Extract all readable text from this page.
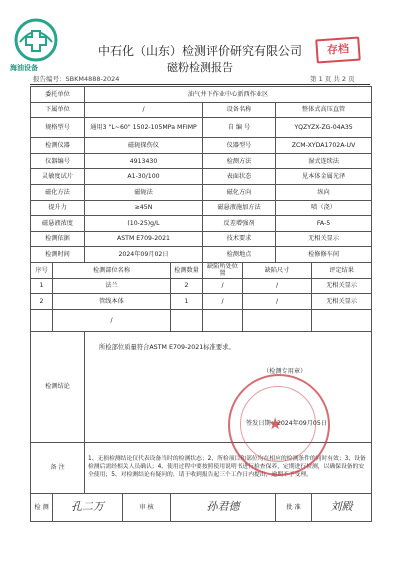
海油设备
中石化（山东）检测评价研究有限公司
磁粉检测报告
存档
报告编号：SBKM4888-2024	第 1 页 共 2 页
委托单位		油气井下作业中心新西作业区						
下属单位		/			设备名称		整体式高压直管	
规格型号		通用3 "L~60" 1502-105MPa MFIMP			自 编 号		YQZYZX-ZG-04A35	
检测仪器		磁轭探伤仪			仪器型号		ZCM-XYDA1702A-UV	
仪器编号		4913430			检测方法		湿式连续法	
灵敏度试片		A1-30/100			表面状态		见本体金属光泽	
磁化方法		磁轭法			磁化方向		纵向	
提升力		≥45N			磁悬液施加方法		喷（浇）	
磁悬液浓度		(10-25)g/L			反差增强剂		FA-5	
检测依据		ASTM E709-2021			技术要求		无相关显示	
检测时间		2024年09月02日			检测地点		检修修车间	
序号	检测部位名称			检测数量	缺陷所处位置	缺陷尺寸		评定结果
1	法兰			2	/	/		无相关显示
2	管线本体			1	/	/		无相关显示
	/							
检测结论		所检部位质量符合ASTM E709-2021标准要求。
（检测专用章）
签发日期：2024年09月05日						

备 注		1、无损检测结论仅代表设备当时的检测状态；2、所检项目和部位均在相应的检测条件的同时有效；3、设备检测后需经相关人员确认；4、使用过程中要按照使用说明书进行检查保养，定期进行检测，以确保设备的安全使用；5、对检测结论有疑问的，请于收到报告起三个工作日内提出，逾期不予受理。						
检 测	孔二万		审 核	孙君德			批 准	刘殿
★
